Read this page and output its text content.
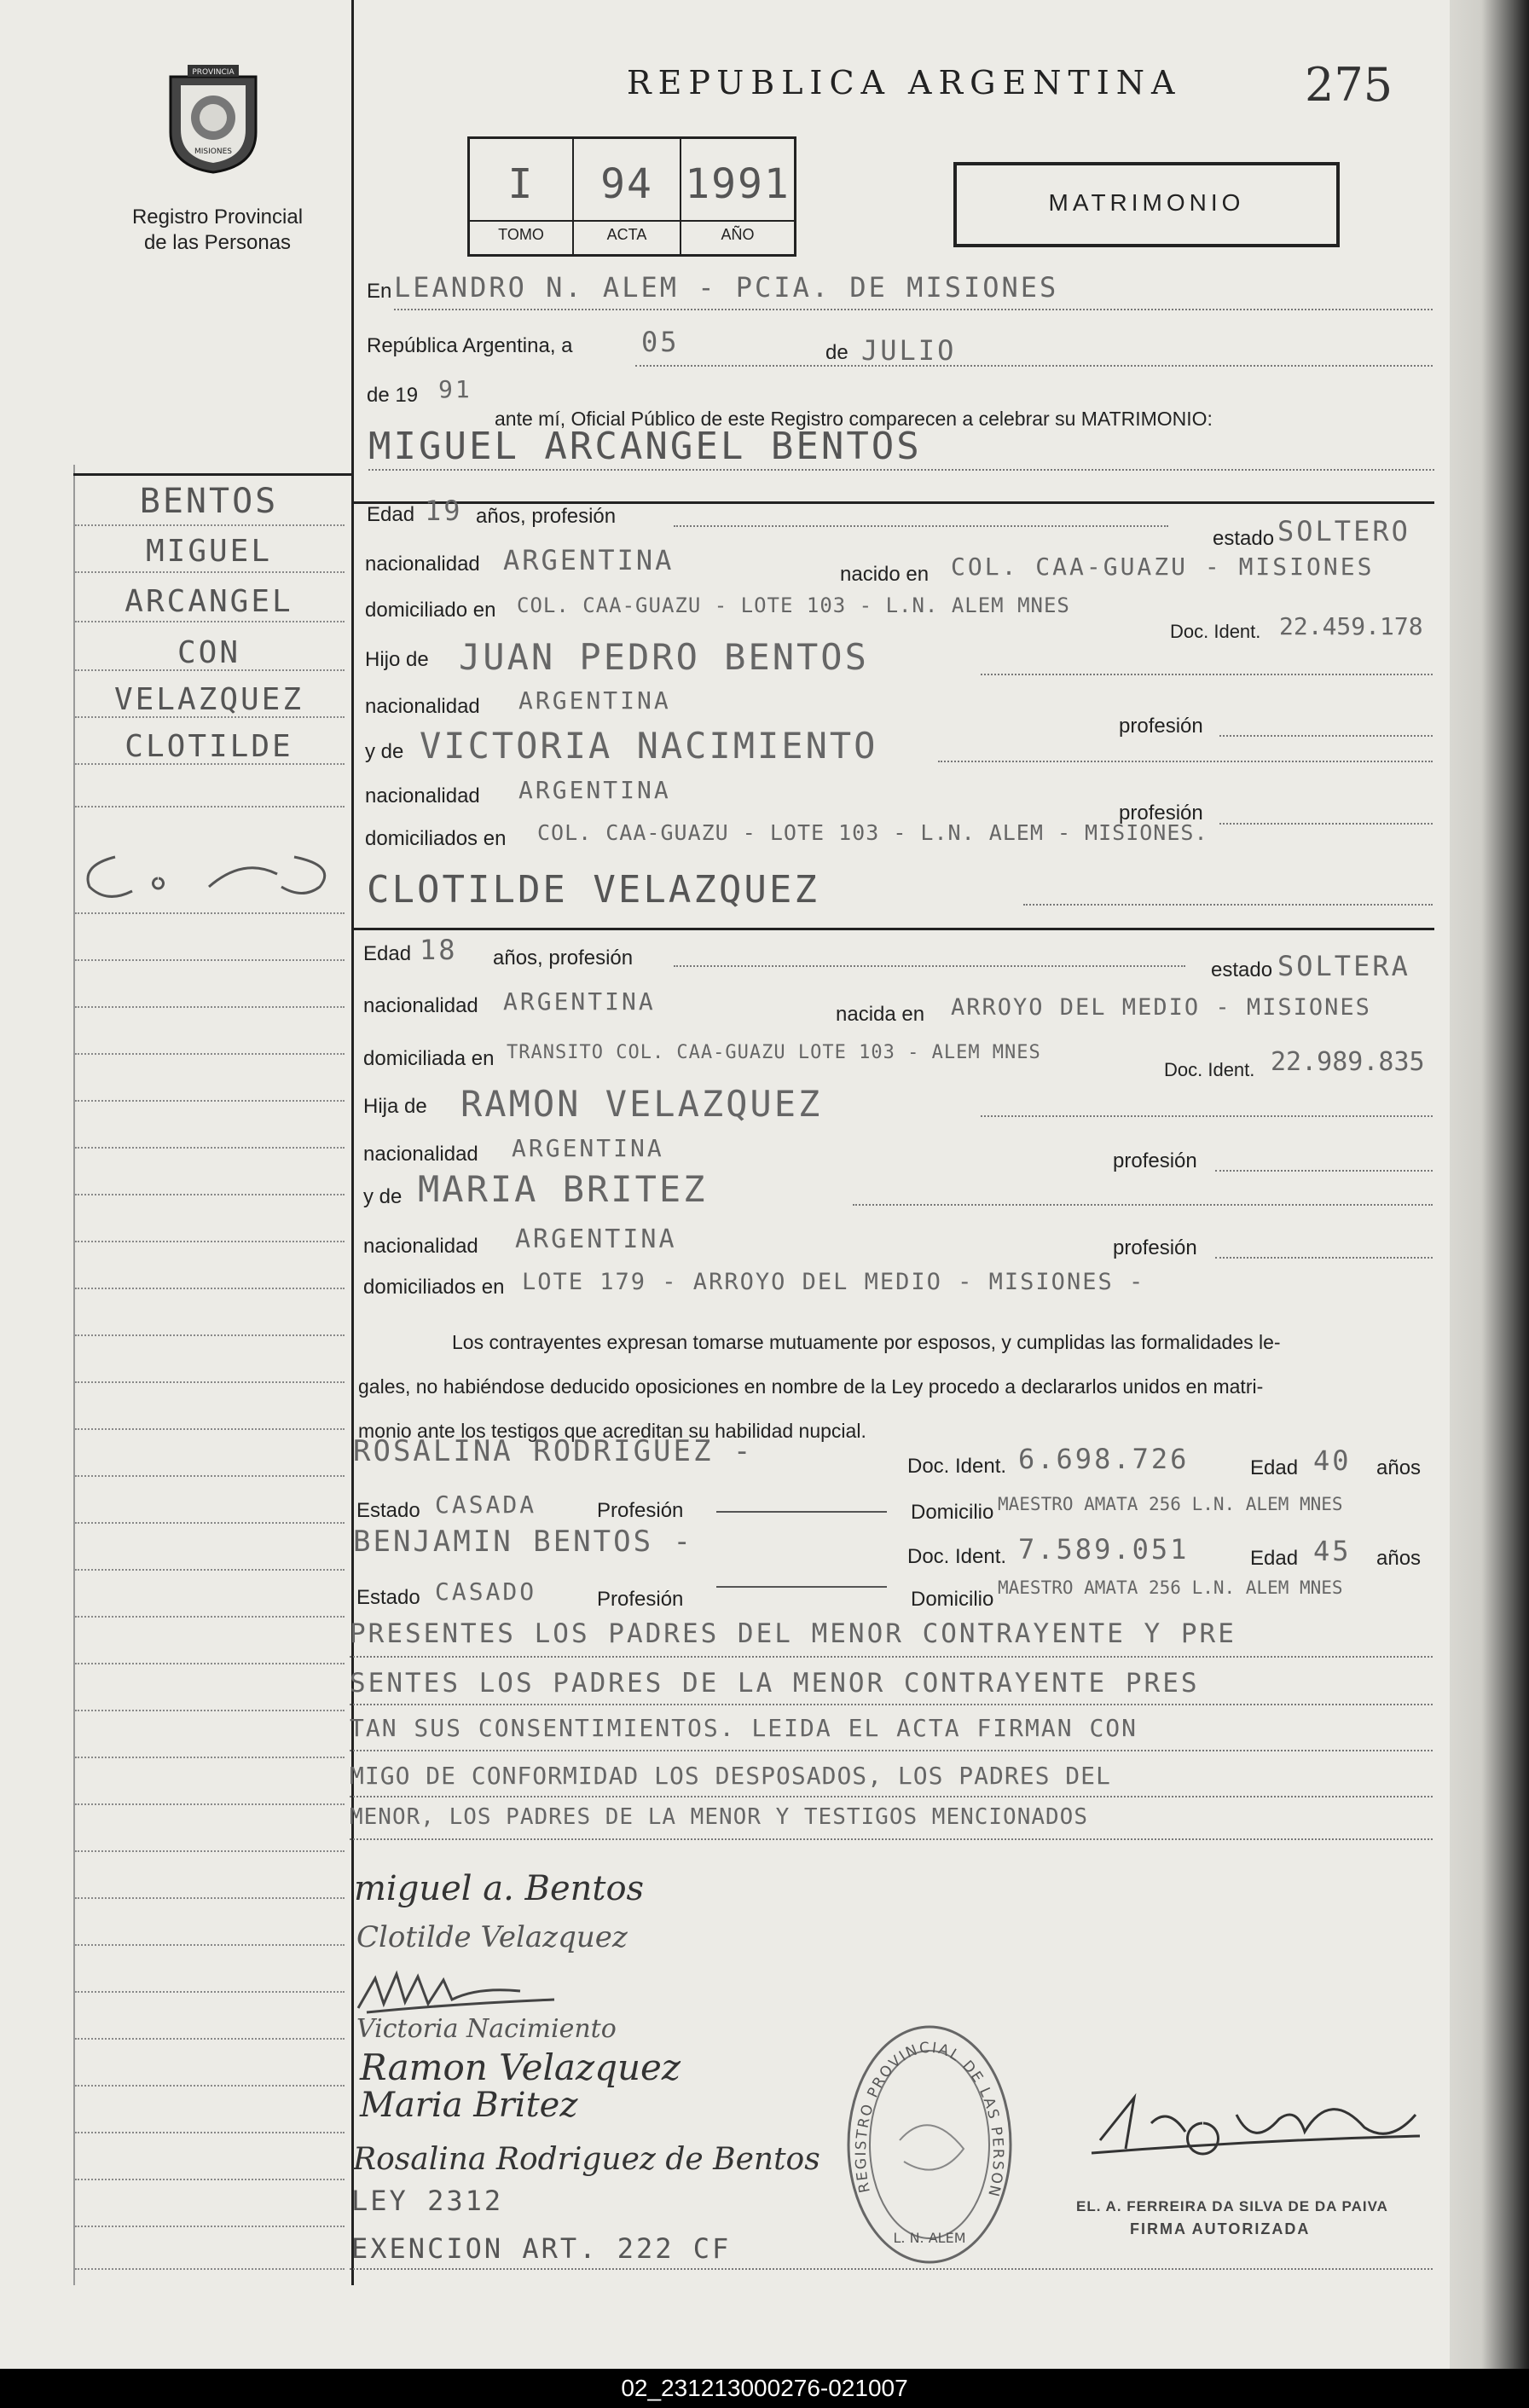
PROVINCIA
MISIONES
Registro Provincial
de las Personas
REPUBLICA ARGENTINA	275
I
TOMO
94
ACTA
1991
AÑO
MATRIMONIO
En LEANDRO N. ALEM - PCIA. DE MISIONES
República Argentina, a	05	de JULIO
de 19 91
ante mí, Oficial Público de este Registro comparecen a celebrar su MATRIMONIO:
MIGUEL ARCANGEL BENTOS
BENTOS
MIGUEL
ARCANGEL
CON
VELAZQUEZ
CLOTILDE
Edad 19 años, profesión
estado SOLTERO
nacionalidad ARGENTINA	nacido en COL. CAA-GUAZU - MISIONES
domiciliado en COL. CAA-GUAZU - LOTE 103 - L.N. ALEM MNES
Doc. Ident. 22.459.178
Hijo de JUAN PEDRO BENTOS
nacionalidad ARGENTINA
profesión
y de VICTORIA NACIMIENTO
nacionalidad ARGENTINA
profesión
domiciliados en COL. CAA-GUAZU - LOTE 103 - L.N. ALEM - MISIONES.
CLOTILDE VELAZQUEZ
Edad 18 años, profesión
estado SOLTERA
nacionalidad ARGENTINA	nacida en ARROYO DEL MEDIO - MISIONES
domiciliada en TRANSITO COL. CAA-GUAZU LOTE 103 - ALEM MNES
Doc. Ident. 22.989.835
Hija de RAMON VELAZQUEZ
nacionalidad ARGENTINA	profesión
y de MARIA BRITEZ
nacionalidad ARGENTINA	profesión
domiciliados en LOTE 179 - ARROYO DEL MEDIO - MISIONES -
Los contrayentes expresan tomarse mutuamente por esposos, y cumplidas las formalidades le-
gales, no habiéndose deducido oposiciones en nombre de la Ley procedo a declararlos unidos en matri-
monio ante los testigos que acreditan su habilidad nupcial.
ROSALINA RODRIGUEZ -	Doc. Ident. 6.698.726	Edad 40 años
Estado CASADA	Profesión	Domicilio MAESTRO AMATA 256 L.N. ALEM MNES
BENJAMIN BENTOS -	Doc. Ident. 7.589.051	Edad 45 años
Estado CASADO	Profesión	Domicilio MAESTRO AMATA 256 L.N. ALEM MNES
PRESENTES LOS PADRES DEL MENOR CONTRAYENTE Y PRE
SENTES LOS PADRES DE LA MENOR CONTRAYENTE PRES
TAN SUS CONSENTIMIENTOS. LEIDA EL ACTA FIRMAN CON
MIGO DE CONFORMIDAD LOS DESPOSADOS, LOS PADRES DEL
MENOR, LOS PADRES DE LA MENOR Y TESTIGOS MENCIONADOS
miguel a. Bentos
Clotilde Velazquez
Victoria Nacimiento
Ramon Velazquez
Maria Britez
Rosalina Rodriguez de Bentos
LEY 2312
EXENCION ART. 222 CF
REGISTRO PROVINCIAL DE LAS PERSON
L. N. ALEM
EL. A. FERREIRA DA SILVA DE DA PAIVA
FIRMA AUTORIZADA
02_231213000276-021007
